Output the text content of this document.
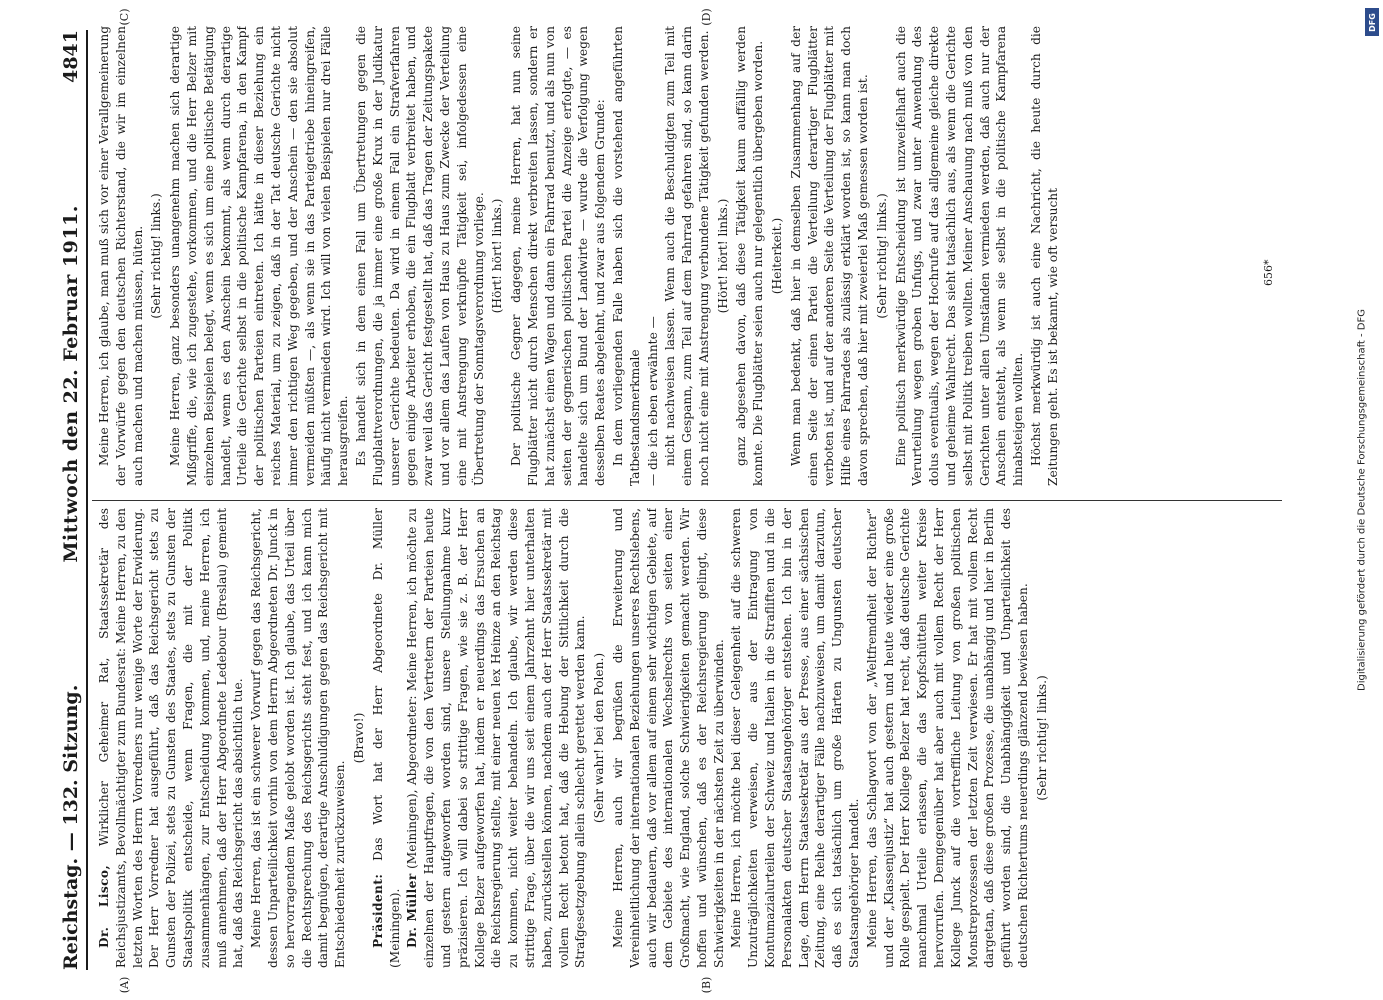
Reichstag. — 132. Sitzung.
Mittwoch den 22. Februar 1911.
4841
(A)	(B)
(C)	(D)

Dr. Lisco, Wirklicher Geheimer Rat, Staatssekretär des Reichsjustizamts, Bevollmächtigter zum Bundesrat: Meine Herren, zu den letzten Worten des Herrn Vorredners nur wenige Worte der Erwiderung. Der Herr Vorredner hat ausgeführt, daß das Reichsgericht stets zu Gunsten der Polizei, stets zu Gunsten des Staates, stets zu Gunsten der Staatspolitik entscheide, wenn Fragen, die mit der Politik zusammenhängen, zur Entscheidung kommen, und, meine Herren, ich muß annehmen, daß der Herr Abgeordnete Ledebour (Breslau) gemeint hat, daß das Reichsgericht das absichtlich tue. Meine Herren, das ist ein schwerer Vorwurf gegen das Reichsgericht, dessen Unparteilichkeit vorhin von dem Herrn Abgeordneten Dr. Junck in so hervorragendem Maße gelobt worden ist. Ich glaube, das Urteil über die Rechtsprechung des Reichsgerichts steht fest, und ich kann mich damit begnügen, derartige Anschuldigungen gegen das Reichsgericht mit Entschiedenheit zurückzuweisen.

(Bravo!)

Präsident: Das Wort hat der Herr Abgeordnete Dr. Müller (Meiningen). Dr. Müller (Meiningen), Abgeordneter: Meine Herren, ich möchte zu einzelnen der Hauptfragen, die von den Vertretern der Parteien heute und gestern aufgeworfen worden sind, unsere Stellungnahme kurz präzisieren. Ich will dabei so strittige Fragen, wie sie z. B. der Herr Kollege Belzer aufgeworfen hat, indem er neuerdings das Ersuchen an die Reichsregierung stellte, mit einer neuen lex Heinze an den Reichstag zu kommen, nicht weiter behandeln. Ich glaube, wir werden diese strittige Frage, über die wir uns seit einem Jahrzehnt hier unterhalten haben, zurückstellen können, nachdem auch der Herr Staatssekretär mit vollem Recht betont hat, daß die Hebung der Sittlichkeit durch die Strafgesetzgebung allein schlecht gerettet werden kann. (Sehr wahr! bei den Polen.) Meine Herren, auch wir begrüßen die Erweiterung und Vereinheitlichung der internationalen Beziehungen unseres Rechtslebens, auch wir bedauern, daß vor allem auf einem sehr wichtigen Gebiete, auf dem Gebiete des internationalen Wechselrechts von seiten einer Großmacht, wie England, solche Schwierigkeiten gemacht werden. Wir hoffen und wünschen, daß es der Reichsregierung gelingt, diese Schwierigkeiten in der nächsten Zeit zu überwinden. Meine Herren, ich möchte bei dieser Gelegenheit auf die schweren Unzuträglichkeiten verweisen, die aus der Eintragung von Kontumazialurteilen der Schweiz und Italien in die Strafliften und in die Personalakten deutscher Staatsangehöriger entstehen. Ich bin in der Lage, dem Herrn Staatssekretär aus der Presse, aus einer sächsischen Zeitung, eine Reihe derartiger Fälle nachzuweisen, um damit darzutun, daß es sich tatsächlich um große Härten zu Ungunsten deutscher Staatsangehöriger handelt. Meine Herren, das Schlagwort von der „Weltfremdheit der Richter“ und der „Klassenjustiz“ hat auch gestern und heute wieder eine große Rolle gespielt. Der Herr Kollege Belzer hat recht, daß deutsche Gerichte manchmal Urteile erlassen, die das Kopfschütteln weiter Kreise hervorrufen. Demgegenüber hat aber auch mit vollem Recht der Herr Kollege Junck auf die vortreffliche Leitung von großen politischen Monstreprozessen der letzten Zeit verwiesen. Er hat mit vollem Recht dargetan, daß diese großen Prozesse, die unabhängig und hier in Berlin geführt worden sind, die Unabhängigkeit und Unparteilichkeit des deutschen Richtertums neuerdings glänzend bewiesen haben. (Sehr richtig! links.)

Meine Herren, ich glaube, man muß sich vor einer Verallgemeinerung der Vorwürfe gegen den deutschen Richterstand, die wir im einzelnen auch machen und machen müssen, hüten. (Sehr richtig! links.) Meine Herren, ganz besonders unangenehm machen sich derartige Mißgriffe, die, wie ich zugestehe, vorkommen, und die Herr Belzer mit einzelnen Beispielen belegt, wenn es sich um eine politische Betätigung handelt, wenn es den Anschein bekommt, als wenn durch derartige Urteile die Gerichte selbst in die politische Kampfarena, in den Kampf der politischen Parteien eintreten. Ich hätte in dieser Beziehung ein reiches Material, um zu zeigen, daß in der Tat deutsche Gerichte nicht immer den richtigen Weg gegeben, und der Anschein — den sie absolut vermeiden müßten —, als wenn sie in das Parteigetriebe hineingreifen, häufig nicht vermieden wird. Ich will von vielen Beispielen nur drei Fälle herausgreifen. Es handelt sich in dem einen Fall um Übertretungen gegen die Flugblattverordnungen, die ja immer eine große Krux in der Judikatur unserer Gerichte bedeuten. Da wird in einem Fall ein Strafverfahren gegen einige Arbeiter erhoben, die ein Flugblatt verbreitet haben, und zwar weil das Gericht festgestellt hat, daß das Tragen der Zeitungspakete und vor allem das Laufen von Haus zu Haus zum Zwecke der Verteilung eine mit Anstrengung verknüpfte Tätigkeit sei, infolgedessen eine Übertretung der Sonntagsverordnung vorliege. (Hört! hört! links.) Der politische Gegner dagegen, meine Herren, hat nun seine Flugblätter nicht durch Menschen direkt verbreiten lassen, sondern er hat zunächst einen Wagen und dann ein Fahrrad benutzt, und als nun von seiten der gegnerischen politischen Partei die Anzeige erfolgte, — es handelte sich um Bund der Landwirte — wurde die Verfolgung wegen desselben Reates abgelehnt, und zwar aus folgendem Grunde: In dem vorliegenden Falle haben sich die vorstehend angeführten Tatbestandsmerkmale — die ich eben erwähnte — nicht nachweisen lassen. Wenn auch die Beschuldigten zum Teil mit einem Gespann, zum Teil auf dem Fahrrad gefahren sind, so kann darin noch nicht eine mit Anstrengung verbundene Tätigkeit gefunden werden. (Hört! hört! links.) ganz abgesehen davon, daß diese Tätigkeit kaum auffällig werden konnte. Die Flugblätter seien auch nur gelegentlich übergeben worden. (Heiterkeit.) Wenn man bedenkt, daß hier in demselben Zusammenhang auf der einen Seite der einen Partei die Verteilung derartiger Flugblätter verboten ist, und auf der anderen Seite die Verteilung der Flugblätter mit Hilfe eines Fahrrades als zulässig erklärt worden ist, so kann man doch davon sprechen, daß hier mit zweierlei Maß gemessen worden ist. (Sehr richtig! links.) Eine politisch merkwürdige Entscheidung ist unzweifelhaft auch die Verurteilung wegen groben Unfugs, und zwar unter Anwendung des dolus eventualis, wegen der Hochrufe auf das allgemeine gleiche direkte und geheime Wahlrecht. Das sieht tatsächlich aus, als wenn die Gerichte selbst mit Politik treiben wollten. Meiner Anschauung nach muß von den Gerichten unter allen Umständen vermieden werden, daß auch nur der Anschein entsteht, als wenn sie selbst in die politische Kampfarena hinabsteigen wollten. Höchst merkwürdig ist auch eine Nachricht, die heute durch die Zeitungen geht. Es ist bekannt, wie oft versucht	656*
Digitalisierung gefördert durch die Deutsche Forschungsgemeinschaft - DFG
DFG
